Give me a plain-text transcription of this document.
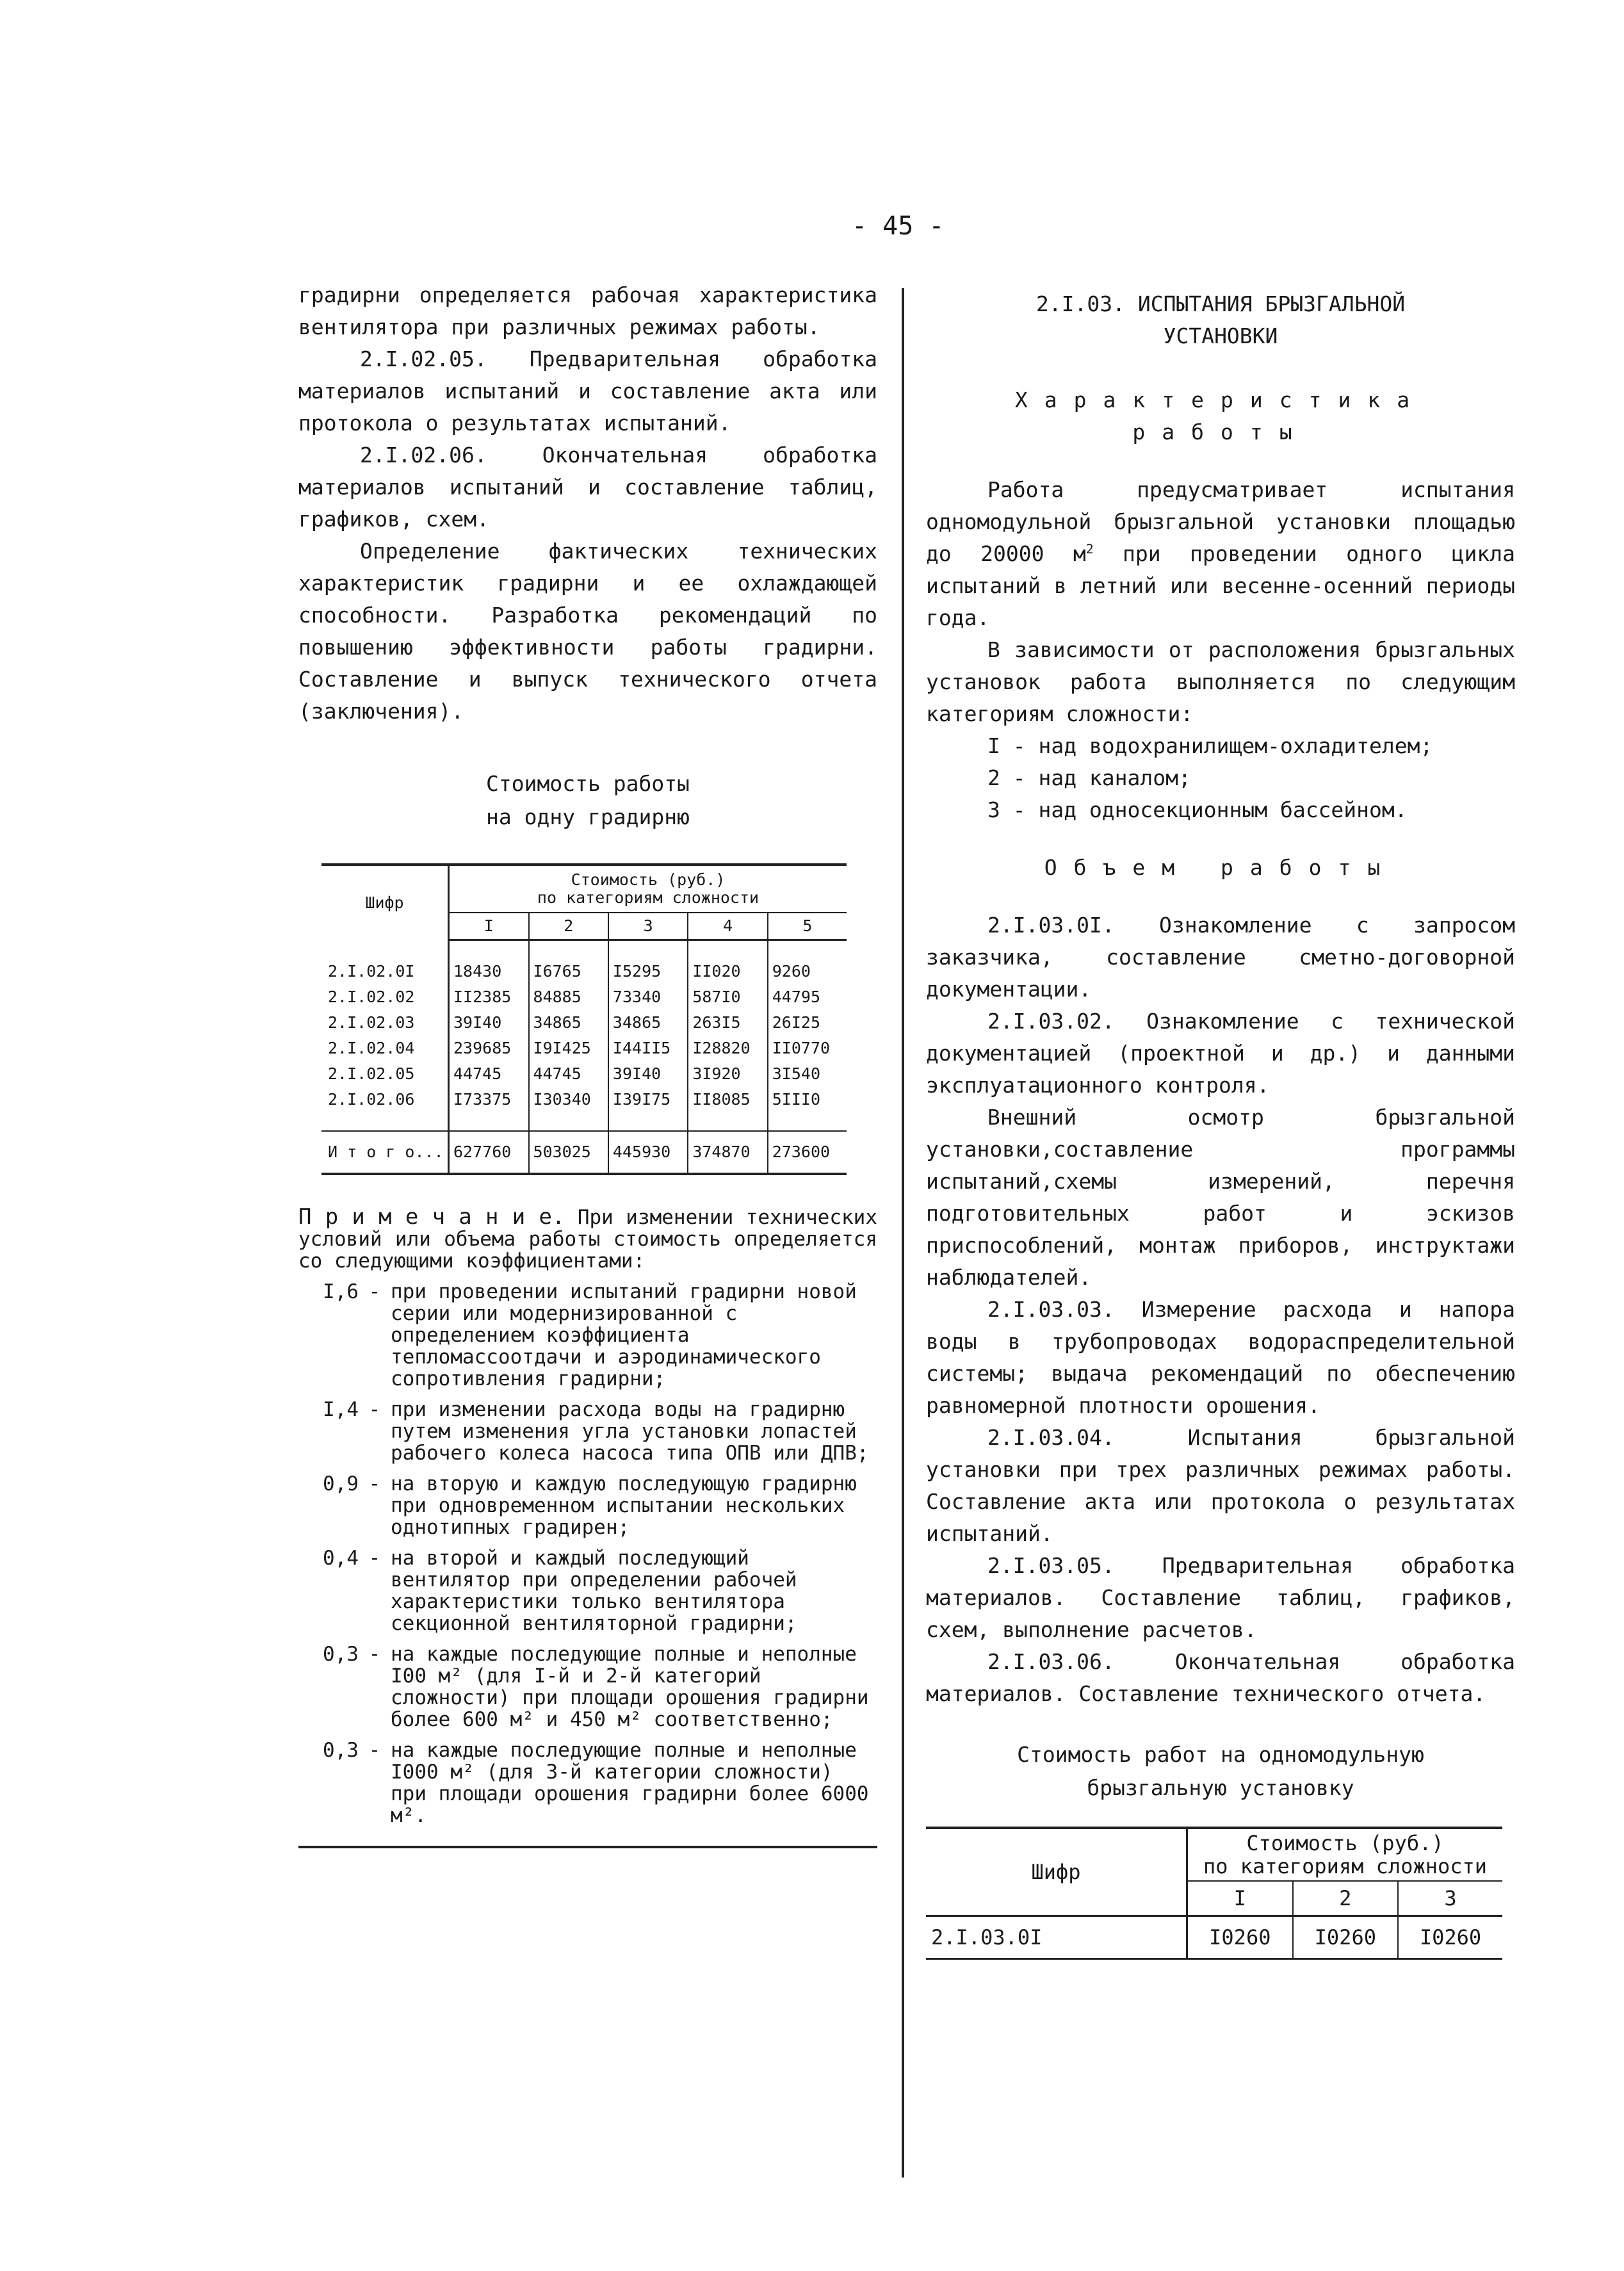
- 45 -

градирни определяется рабочая характеристика вентилятора при различных режимах работы.

2.I.02.05. Предварительная обработка материалов испытаний и составление акта или протокола о результатах испытаний.

2.I.02.06. Окончательная обработка материалов испытаний и составление таблиц, графиков, схем.

Определение фактических технических характеристик градирни и ее охлаждающей способности. Разработка рекомендаций по повышению эффективности работы градирни. Составление и выпуск технического отчета (заключения).

Стоимость работы
на одну градирню
Шифр	Стоимость (руб.)
по категориям сложности				

	I	2	3	4	5

2.I.02.0I	18430	I6765	I5295	II020	9260
2.I.02.02	II2385	84885	73340	587I0	44795
2.I.02.03	39I40	34865	34865	263I5	26I25
2.I.02.04	239685	I9I425	I44II5	I28820	II0770
2.I.02.05	44745	44745	39I40	3I920	3I540
2.I.02.06	I73375	I30340	I39I75	II8085	5III0

И т о г о...	627760	503025	445930	374870	273600

П р и м е ч а н и е. При изменении технических условий или объема работы стоимость определяется со следующими коэффициентами:

I,6 - при проведении испытаний градирни новой серии или модернизированной с определением коэффициента тепломассоотдачи и аэродинамического сопротивления градирни;
I,4 - при изменении расхода воды на градирню путем изменения угла установки лопастей рабочего колеса насоса типа ОПВ или ДПВ;
0,9 - на вторую и каждую последующую градирню при одновременном испытании нескольких однотипных градирен;
0,4 - на второй и каждый последующий вентилятор при определении рабочей характеристики только вентилятора секционной вентиляторной градирни;
0,3 - на каждые последующие полные и неполные I00 м² (для I-й и 2-й категорий сложности) при площади орошения градирни более 600 м² и 450 м² соответственно;
0,3 - на каждые последующие полные и неполные I000 м² (для 3-й категории сложности) при площади орошения градирни более 6000 м².
2.I.03. ИСПЫТАНИЯ БРЫЗГАЛЬНОЙ
УСТАНОВКИ
Характеристика
работы

Работа предусматривает испытания одномодульной брызгальной установки площадью до 20000 $м^2$ при проведении одного цикла испытаний в летний или весенне-осенний периоды года.

В зависимости от расположения брызгальных установок работа выполняется по следующим категориям сложности:

I - над водохранилищем-охладителем;

2 - над каналом;

3 - над односекционным бассейном.

Объем работы

2.I.03.0I. Ознакомление с запросом заказчика, составление сметно-договорной документации.

2.I.03.02. Ознакомление с технической документацией (проектной и др.) и данными эксплуатационного контроля.

Внешний осмотр брызгальной установки,составление программы испытаний,схемы измерений, перечня подготовительных работ и эскизов приспособлений, монтаж приборов, инструктажи наблюдателей.

2.I.03.03. Измерение расхода и напора воды в трубопроводах водораспределительной системы; выдача рекомендаций по обеспечению равномерной плотности орошения.

2.I.03.04. Испытания брызгальной установки при трех различных режимах работы. Составление акта или протокола о результатах испытаний.

2.I.03.05. Предварительная обработка материалов. Составление таблиц, графиков, схем, выполнение расчетов.

2.I.03.06. Окончательная обработка материалов. Составление технического отчета.

Стоимость работ на одномодульную
брызгальную установку
Шифр	Стоимость (руб.)
по категориям сложности		

	I	2	3
2.I.03.0I	I0260	I0260	I0260
